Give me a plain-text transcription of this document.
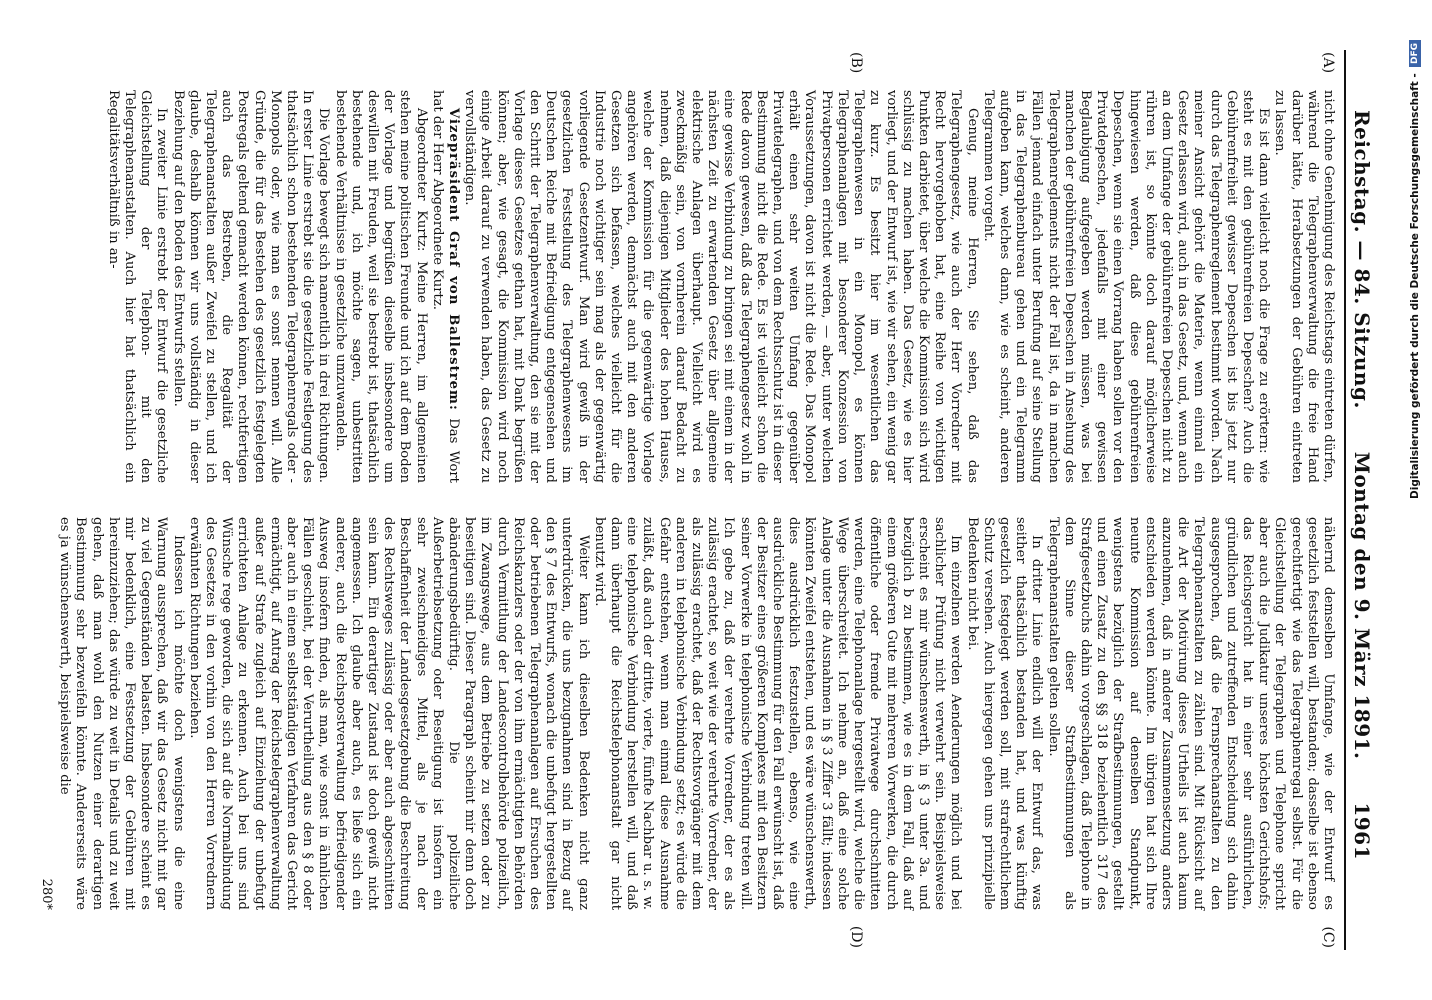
Reichstag. — 84. Sitzung.
Montag den 9. März 1891.
1961
(A)
(B)
(C)
(D)

nicht ohne Genehmigung des Reichstags eintreten dürfen, während die Telegraphenverwaltung die freie Hand darüber hätte, Herabsetzungen der Gebühren eintreten zu lassen.

Es ist dann vielleicht noch die Frage zu erörtern: wie steht es mit den gebührenfreien Depeschen? Auch die Gebührenfreiheit gewisser Depeschen ist bis jetzt nur durch das Telegraphenreglement bestimmt worden. Nach meiner Ansicht gehört die Materie, wenn einmal ein Gesetz erlassen wird, auch in das Gesetz, und, wenn auch an dem Umfange der gebührenfreien Depeschen nicht zu rühren ist, so könnte doch darauf möglicherweise hingewiesen werden, daß diese gebührenfreien Depeschen, wenn sie einen Vorrang haben sollen vor den Privatdepeschen, jedenfalls mit einer gewissen Beglaubigung aufgegeben werden müssen, was bei manchen der gebührenfreien Depeschen in Ansehung des Telegraphenreglements nicht der Fall ist, da in manchen Fällen jemand einfach unter Berufung auf seine Stellung in das Telegraphenbureau gehen und ein Telegramm aufgeben kann, welches dann, wie es scheint, anderen Telegrammen vorgeht.

Genug, meine Herren, Sie sehen, daß das Telegraphengesetz, wie auch der Herr Vorredner mit Recht hervorgehoben hat, eine Reihe von wichtigen Punkten darbietet, über welche die Kommission sich wird schlüssig zu machen haben. Das Gesetz, wie es hier vorliegt, und der Entwurf ist, wie wir sehen, ein wenig gar zu kurz. Es besitzt hier im wesentlichen das Telegraphenwesen in ein Monopol, es können Telegraphenanlagen mit besonderer Konzession von Privatpersonen errichtet werden, — aber, unter welchen Voraussetzungen, davon ist nicht die Rede. Das Monopol erhält einen sehr weiten Umfang gegenüber Privattelegraphen, und von dem Rechtsschutz ist in dieser Bestimmung nicht die Rede. Es ist vielleicht schon die Rede davon gewesen, daß das Telegraphengesetz wohl in eine gewisse Verbindung zu bringen sei mit einem in der nächsten Zeit zu erwartenden Gesetz über allgemeine elektrische Anlagen überhaupt. Vielleicht wird es zweckmäßig sein, von vornherein darauf Bedacht zu nehmen, daß diejenigen Mitglieder des hohen Hauses, welche der Kommission für die gegenwärtige Vorlage angehören werden, demnächst auch mit den anderen Gesetzen sich befassen, welches vielleicht für die Industrie noch wichtiger sein mag als der gegenwärtig vorliegende Gesetzentwurf. Man wird gewiß in der gesetzlichen Feststellung des Telegraphenwesens im Deutschen Reiche mit Befriedigung entgegensehen und den Schritt der Telegraphenverwaltung, den sie mit der Vorlage dieses Gesetzes gethan hat, mit Dank begrüßen können; aber, wie gesagt, die Kommission wird noch einige Arbeit darauf zu verwenden haben, das Gesetz zu vervollständigen.

Vizepräsident Graf von Ballestrem: Das Wort hat der Herr Abgeordnete Kurtz.

Abgeordneter Kurtz: Meine Herren, im allgemeinen stehen meine politischen Freunde und ich auf dem Boden der Vorlage und begrüßen dieselbe insbesondere um deswillen mit Freuden, weil sie bestrebt ist, thatsächlich bestehende und, ich möchte sagen, unbestritten bestehende Verhältnisse in gesetzliche umzuwandeln.

Die Vorlage bewegt sich namentlich in drei Richtungen. In erster Linie erstrebt sie die gesetzliche Festlegung des thatsächlich schon bestehenden Telegraphenregals oder -Monopols oder, wie man es sonst nennen will. Alle Gründe, die für das Bestehen des gesetzlich festgelegten Postregals geltend gemacht werden können, rechtfertigen auch das Bestreben, die Regalität der Telegraphenanstalten außer Zweifel zu stellen, und ich glaube, deshalb können wir uns vollständig in dieser Beziehung auf den Boden des Entwurfs stellen.

In zweiter Linie erstrebt der Entwurf die gesetzliche Gleichstellung der Telephon- mit den Telegraphenanstalten. Auch hier hat thatsächlich ein Regalitätsverhältniß in an-

nähernd demselben Umfange, wie der Entwurf es gesetzlich feststellen will, bestanden; dasselbe ist ebenso gerechtfertigt wie das Telegraphenregal selbst. Für die Gleichstellung der Telegraphen und Telephone spricht aber auch die Judikatur unseres höchsten Gerichtshofs; das Reichsgericht hat in einer sehr ausführlichen, gründlichen und zutreffenden Entscheidung sich dahin ausgesprochen, daß die Fernsprechanstalten zu den Telegraphenanstalten zu zählen sind. Mit Rücksicht auf die Art der Motivirung dieses Urtheils ist auch kaum anzunehmen, daß in anderer Zusammensetzung anders entschieden werden könnte. Im übrigen hat sich Ihre neunte Kommission auf denselben Standpunkt, wenigstens bezüglich der Strafbestimmungen, gestellt und einen Zusatz zu den §§ 318 beziehentlich 317 des Strafgesetzbuchs dahin vorgeschlagen, daß Telephone in dem Sinne dieser Strafbestimmungen als Telegraphenanstalten gelten sollen.

In dritter Linie endlich will der Entwurf das, was seither thatsächlich bestanden hat, und was künftig gesetzlich festgelegt werden soll, mit strafrechtlichem Schutz versehen. Auch hiergegen gehen uns prinzipielle Bedenken nicht bei.

Im einzelnen werden Aenderungen möglich und bei sachlicher Prüfung nicht verwehrt sein. Beispielsweise erscheint es mir wünschenswerth, in § 3 unter 3a. und bezüglich b zu bestimmen, wie es in dem Fall, daß auf einem größeren Gute mit mehreren Vorwerken, die durch öffentliche oder fremde Privatwege durchschnitten werden, eine Telephonanlage hergestellt wird, welche die Wege überschreitet. Ich nehme an, daß eine solche Anlage unter die Ausnahmen in § 3 Ziffer 3 fällt; indessen könnten Zweifel entstehen, und es wäre wünschenswerth, dies ausdrücklich festzustellen, ebenso, wie eine ausdrückliche Bestimmung für den Fall erwünscht ist, daß der Besitzer eines größeren Komplexes mit den Besitzern seiner Vorwerke in telephonische Verbindung treten will. Ich gebe zu, daß der verehrte Vorredner, der es als zulässig erachtet, so weit wie der verehrte Vorredner, der als zulässig erachtet, daß der Rechtsvorgänger mit dem anderen in telephonische Verbindung setzt; es würde die Gefahr entstehen, wenn man einmal diese Ausnahme zuläßt, daß auch der dritte, vierte, fünfte Nachbar u. s. w. eine telephonische Verbindung herstellen will, und daß dann überhaupt die Reichstelephonanstalt gar nicht benutzt wird.

Weiter kann ich dieselben Bedenken nicht ganz unterdrücken, die uns bezugnahmen sind in Bezug auf den § 7 des Entwurfs, wonach die unbefugt hergestellten oder betriebenen Telegraphenanlagen auf Ersuchen des Reichskanzlers oder der von ihm ermächtigten Behörden durch Vermittlung der Landescontrolbehörde polizeilich, im Zwangswege, aus dem Betriebe zu setzen oder zu beseitigen sind. Dieser Paragraph scheint mir denn doch abänderungsbedürftig. Die polizeiliche Außerbetriebsetzung oder Beseitigung ist insofern ein sehr zweischneidiges Mittel, als je nach der Beschaffenheit der Landesgesetzgebung die Beschreitung des Rechtsweges zulässig oder aber auch abgeschnitten sein kann. Ein derartiger Zustand ist doch gewiß nicht angemessen. Ich glaube aber auch, es ließe sich ein anderer, auch die Reichspostverwaltung befriedigender Ausweg insofern finden, als man, wie sonst in ähnlichen Fällen geschieht, bei der Verurtheilung aus den § 8 oder aber auch in einem selbstständigen Verfahren das Gericht ermächtigt, auf Antrag der Reichstelegraphenverwaltung außer auf Strafe zugleich auf Einziehung der unbefugt errichteten Anlage zu erkennen. Auch bei uns sind Wünsche rege geworden, die sich auf die Normalbindung des Gesetzes in den vorhin von den Herren Vorrednern erwähnten Richtungen beziehen.

Indessen ich möchte doch wenigstens die eine Warnung aussprechen, daß wir das Gesetz nicht mit gar zu viel Gegenständen belasten. Insbesondere scheint es mir bedenklich, eine Festsetzung der Gebühren mit hereinzuziehen; das würde zu weit in Details und zu weit gehen, daß man wohl den Nutzen einer derartigen Bestimmung sehr bezweifeln könnte. Andererseits wäre es ja wünschenswerth, beispielsweise die

280*
Digitalisierung gefördert durch die Deutsche Forschungsgemeinschaft -
DFG
